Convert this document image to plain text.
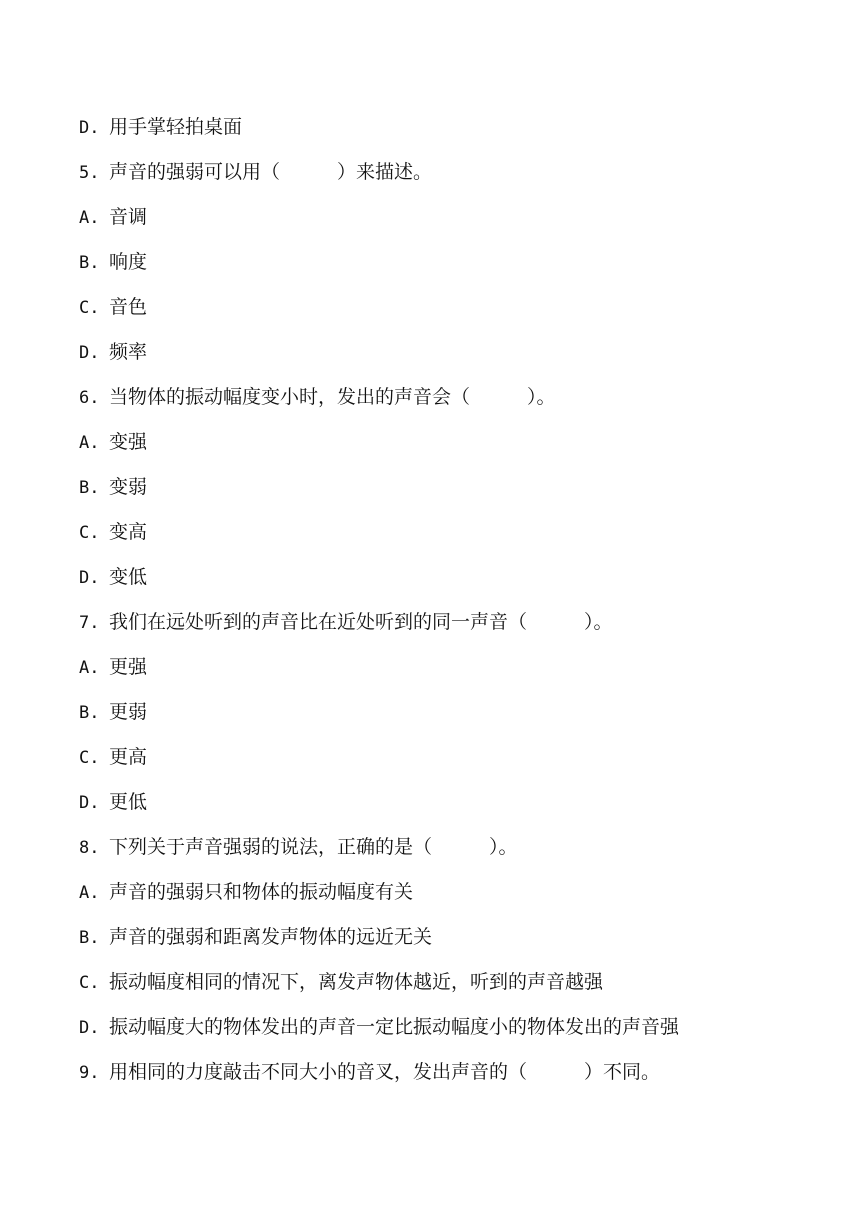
D. 用手掌轻拍桌面
5. 声音的强弱可以用（　　　）来描述。
A. 音调
B. 响度
C. 音色
D. 频率
6. 当物体的振动幅度变小时，发出的声音会（　　　）。
A. 变强
B. 变弱
C. 变高
D. 变低
7. 我们在远处听到的声音比在近处听到的同一声音（　　　）。
A. 更强
B. 更弱
C. 更高
D. 更低
8. 下列关于声音强弱的说法，正确的是（　　　）。
A. 声音的强弱只和物体的振动幅度有关
B. 声音的强弱和距离发声物体的远近无关
C. 振动幅度相同的情况下，离发声物体越近，听到的声音越强
D. 振动幅度大的物体发出的声音一定比振动幅度小的物体发出的声音强
9. 用相同的力度敲击不同大小的音叉，发出声音的（　　　）不同。
